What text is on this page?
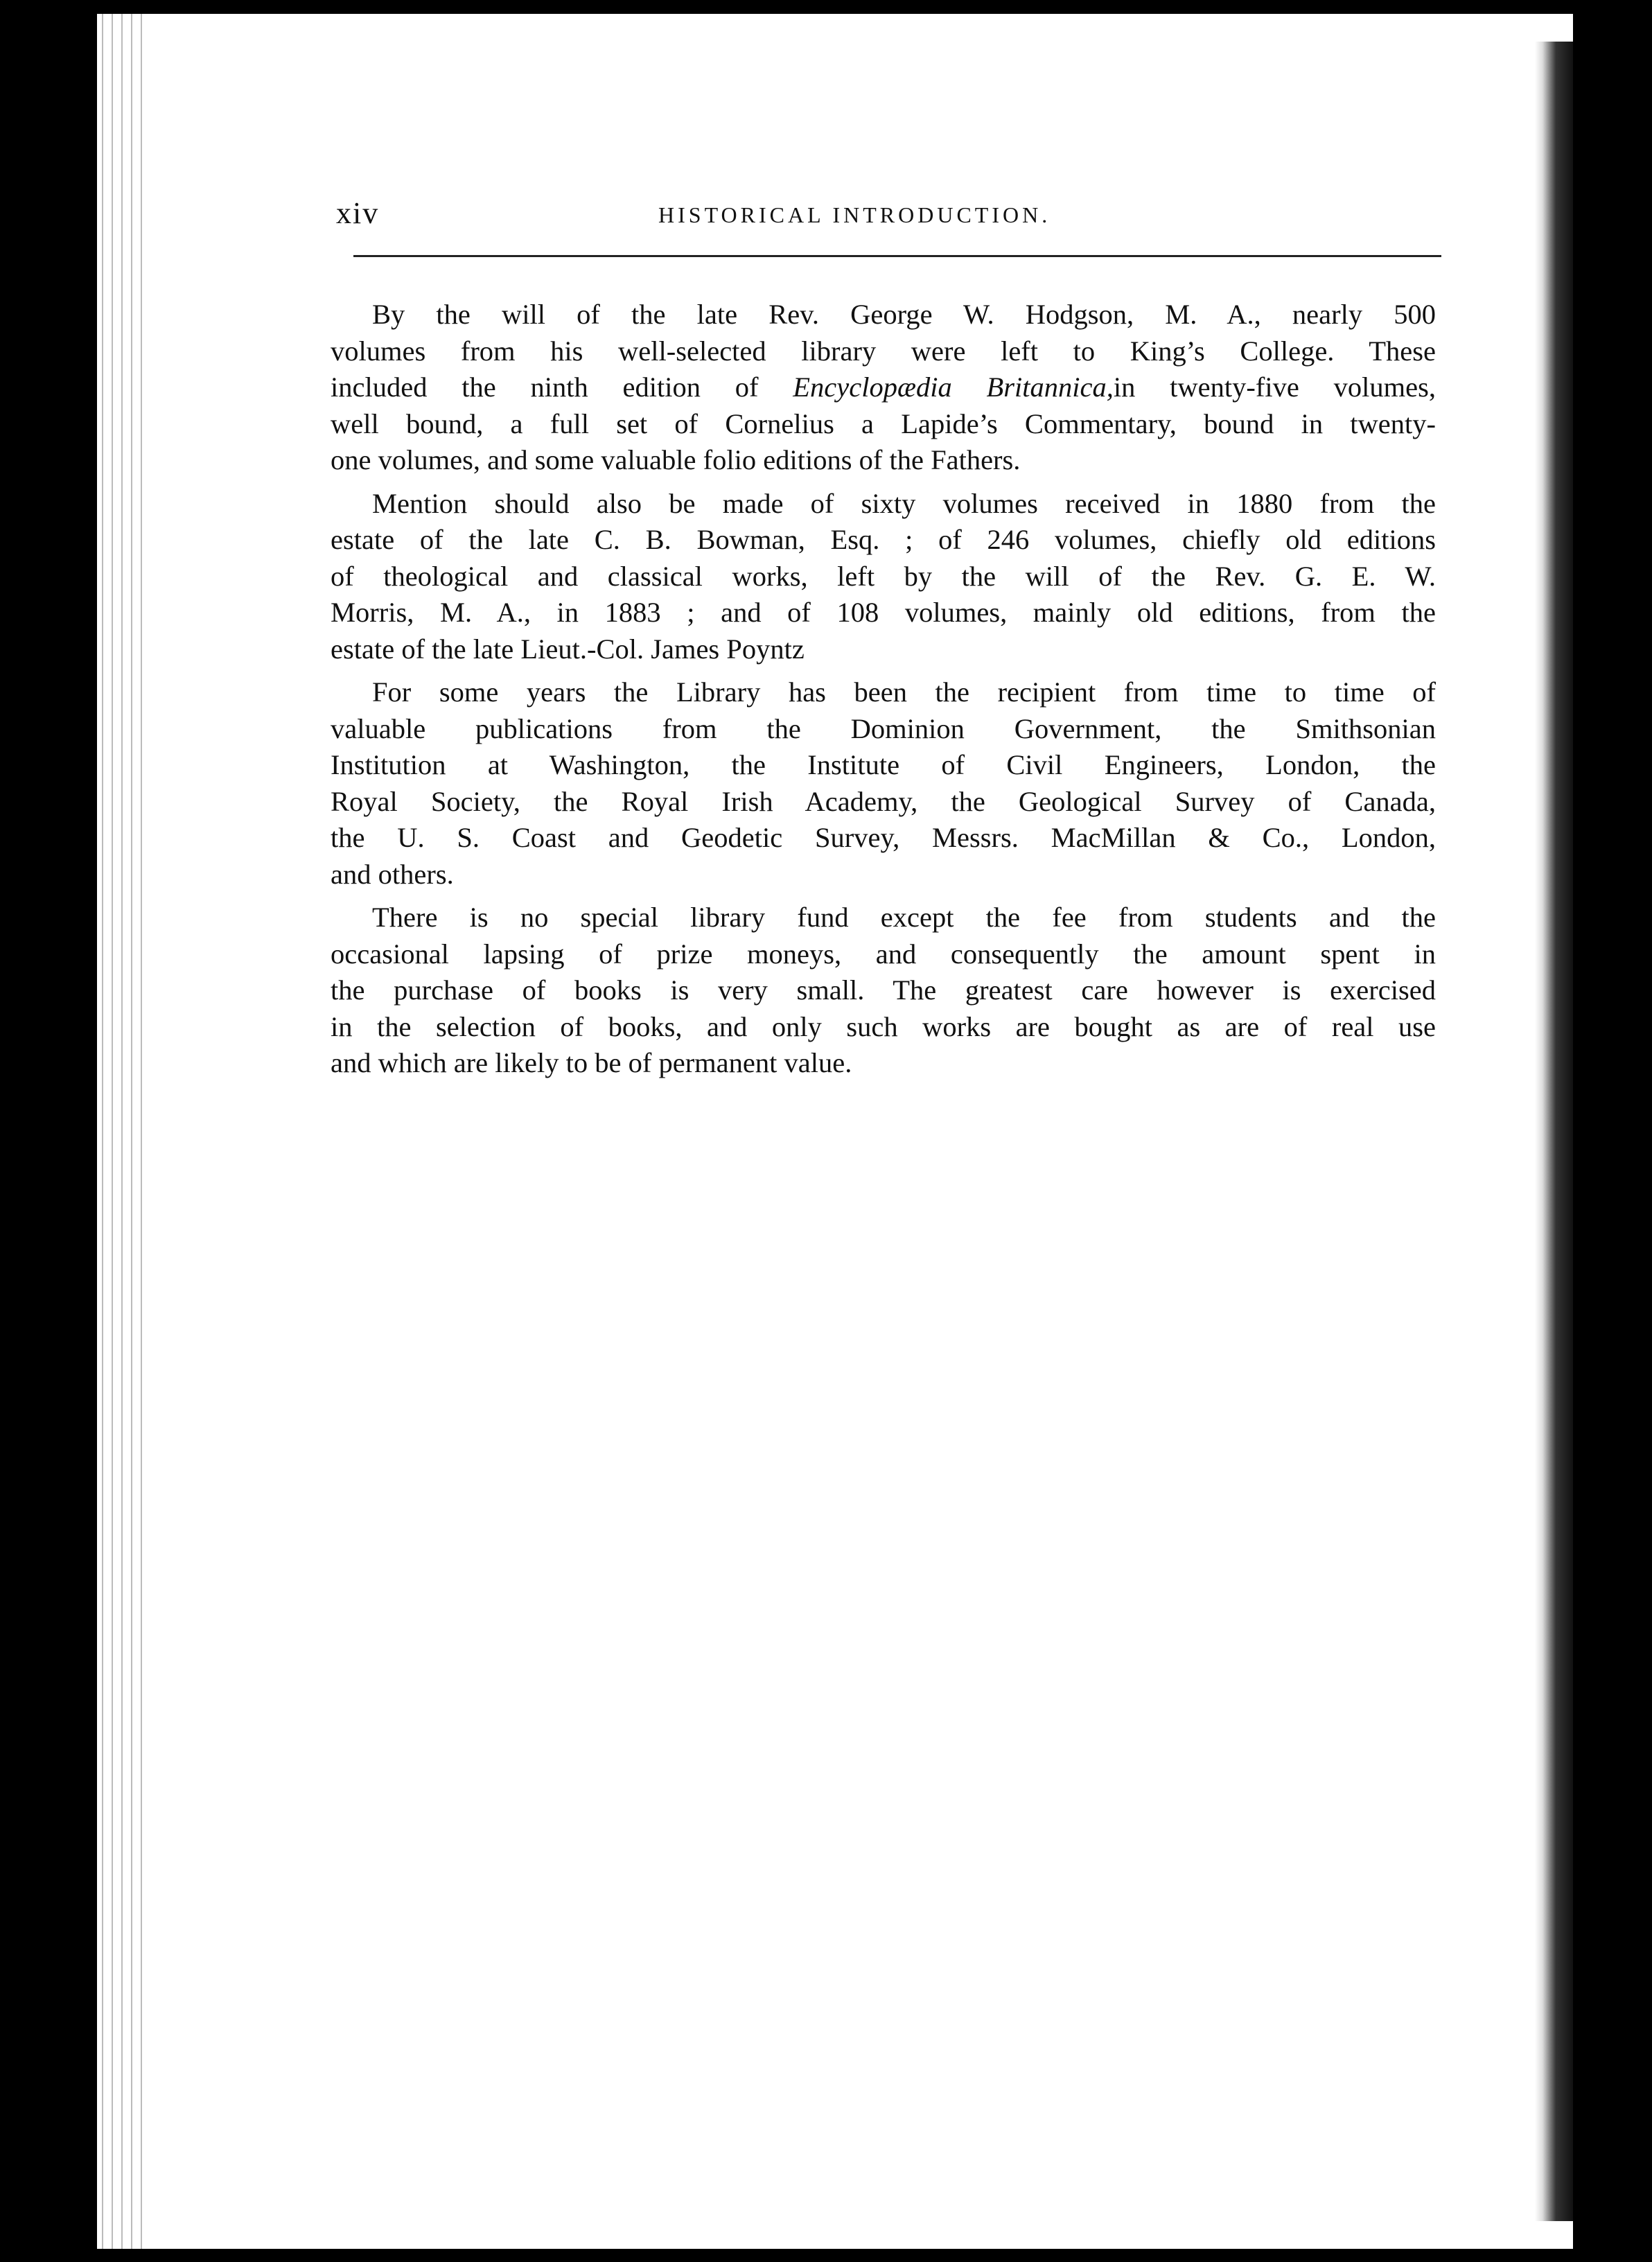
xiv	HISTORICAL INTRODUCTION.
By the will of the late Rev. George W. Hodgson, M. A., nearly 500
volumes from his well-selected library were left to King’s College. These
included the ninth edition of Encyclopædia Britannica,in twenty-five volumes,
well bound, a full set of Cornelius a Lapide’s Commentary, bound in twenty-
one volumes, and some valuable folio editions of the Fathers.
Mention should also be made of sixty volumes received in 1880 from the
estate of the late C. B. Bowman, Esq. ; of 246 volumes, chiefly old editions
of theological and classical works, left by the will of the Rev. G. E. W.
Morris, M. A., in 1883 ; and of 108 volumes, mainly old editions, from the
estate of the late Lieut.-Col. James Poyntz
For some years the Library has been the recipient from time to time of
valuable publications from the Dominion Government, the Smithsonian
Institution at Washington, the Institute of Civil Engineers, London, the
Royal Society, the Royal Irish Academy, the Geological Survey of Canada,
the U. S. Coast and Geodetic Survey, Messrs. MacMillan & Co., London,
and others.
There is no special library fund except the fee from students and the
occasional lapsing of prize moneys, and consequently the amount spent in
the purchase of books is very small. The greatest care however is exercised
in the selection of books, and only such works are bought as are of real use
and which are likely to be of permanent value.
